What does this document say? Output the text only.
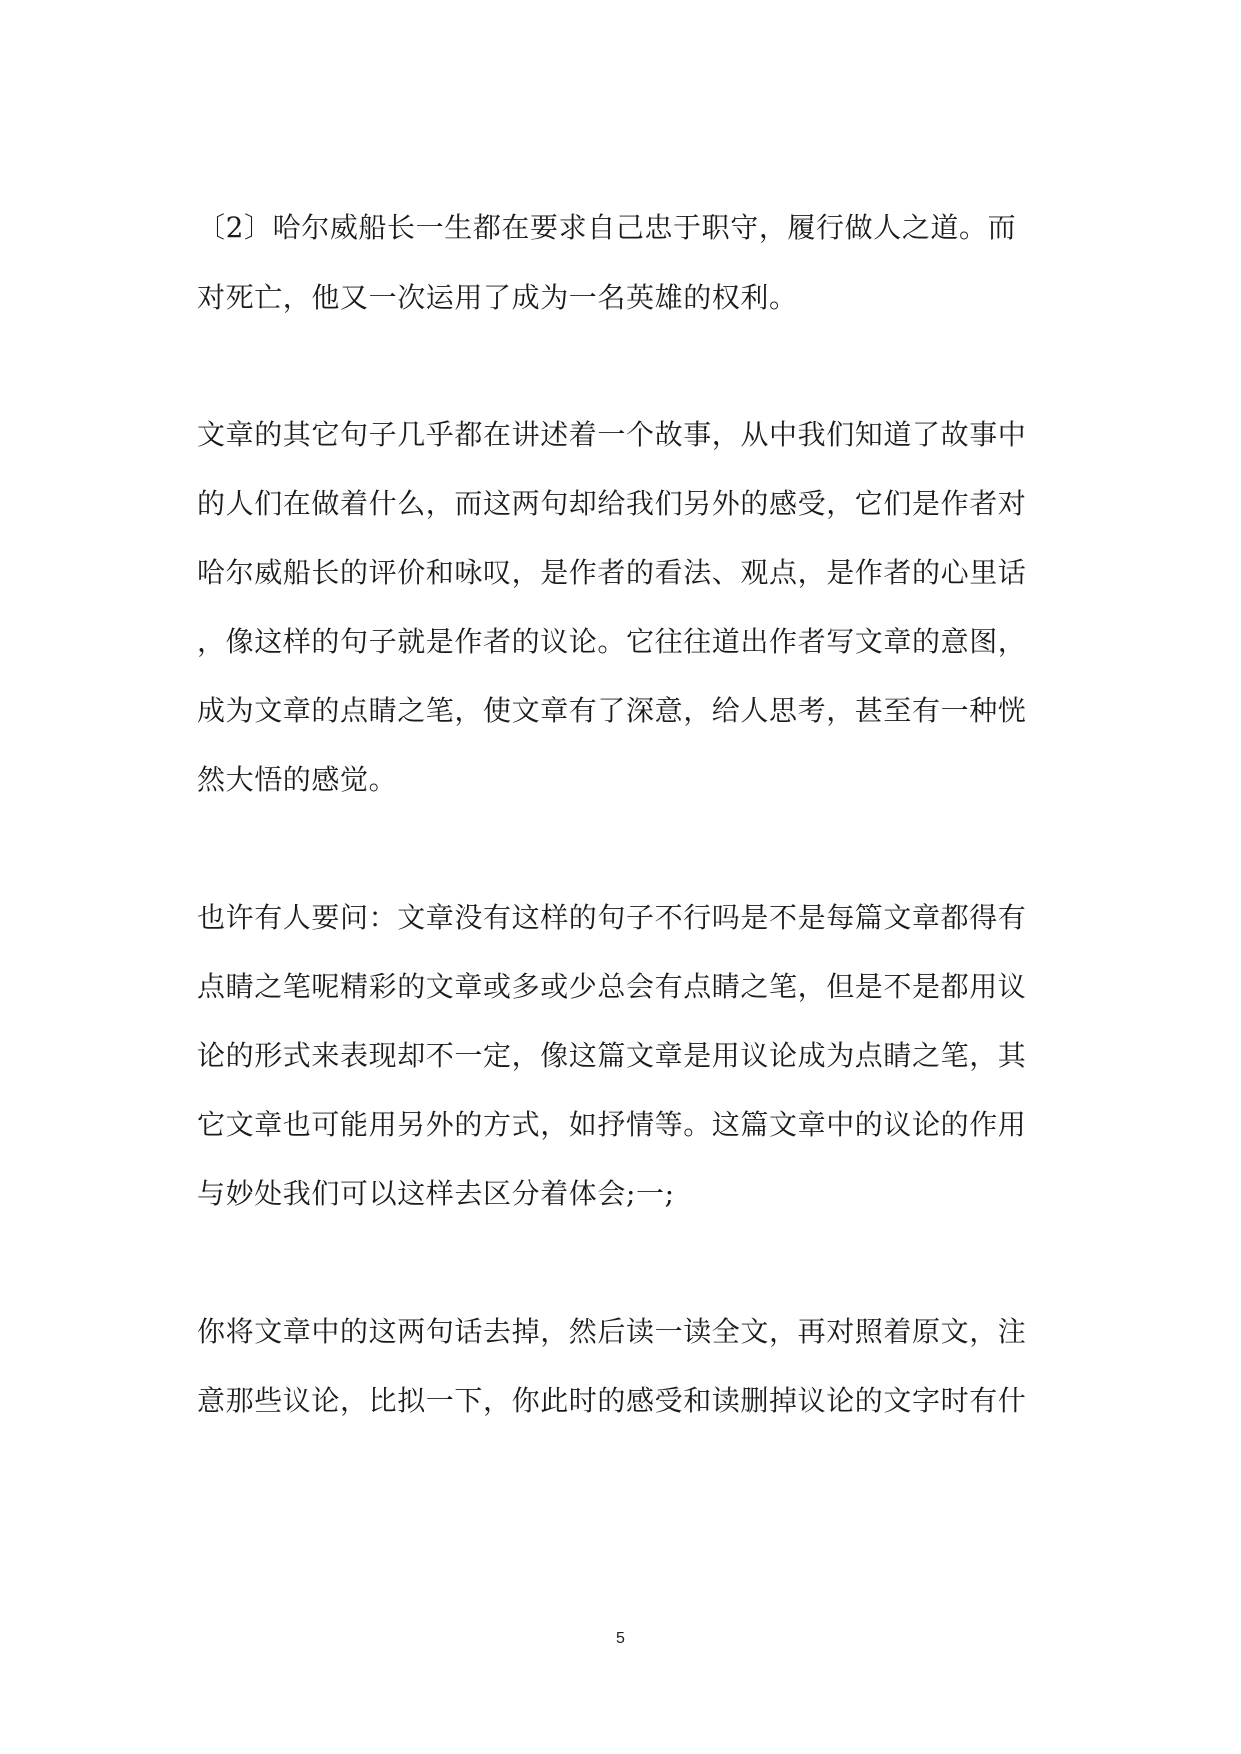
〔2〕哈尔威船长一生都在要求自己忠于职守，履行做人之道。而
对死亡，他又一次运用了成为一名英雄的权利。
文章的其它句子几乎都在讲述着一个故事，从中我们知道了故事中
的人们在做着什么，而这两句却给我们另外的感受，它们是作者对
哈尔威船长的评价和咏叹，是作者的看法、观点，是作者的心里话
，像这样的句子就是作者的议论。它往往道出作者写文章的意图，
成为文章的点睛之笔，使文章有了深意，给人思考，甚至有一种恍
然大悟的感觉。
也许有人要问：文章没有这样的句子不行吗是不是每篇文章都得有
点睛之笔呢精彩的文章或多或少总会有点睛之笔，但是不是都用议
论的形式来表现却不一定，像这篇文章是用议论成为点睛之笔，其
它文章也可能用另外的方式，如抒情等。这篇文章中的议论的作用
与妙处我们可以这样去区分着体会;一;
你将文章中的这两句话去掉，然后读一读全文，再对照着原文，注
意那些议论，比拟一下，你此时的感受和读删掉议论的文字时有什
5
